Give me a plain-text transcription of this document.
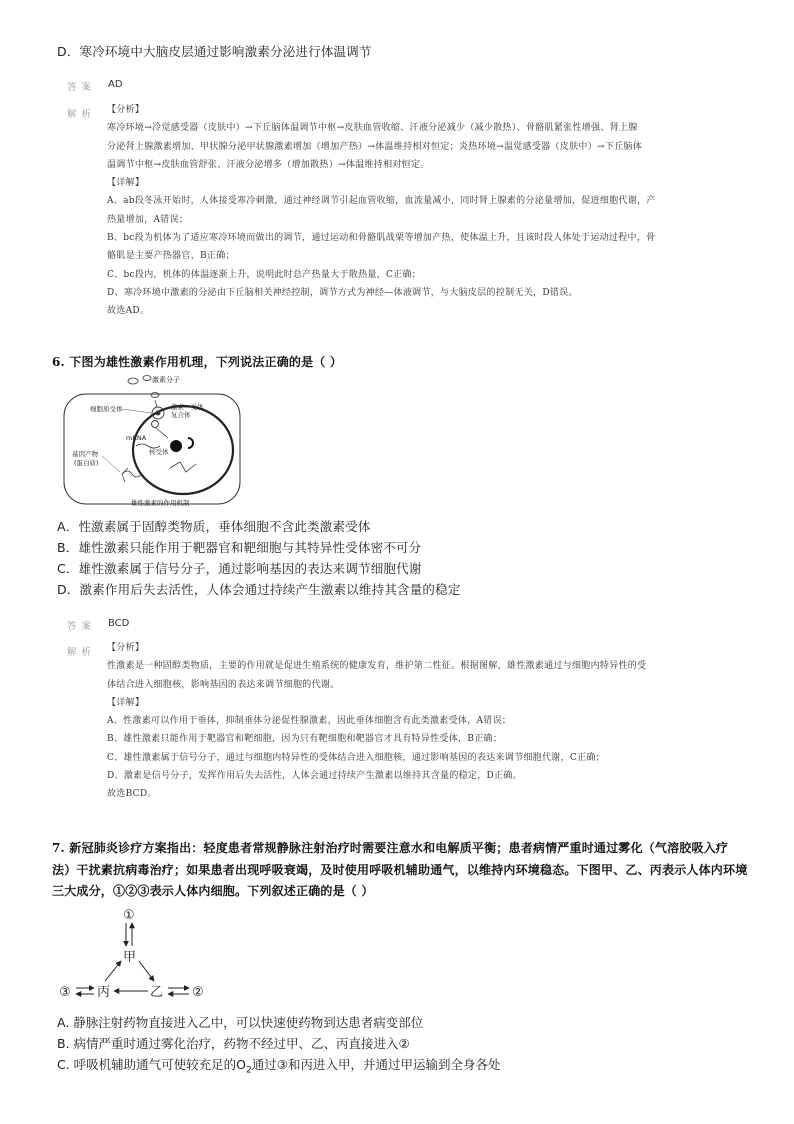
D．寒冷环境中大脑皮层通过影响激素分泌进行体温调节
答案 AD
解析 【分析】
寒冷环境→冷觉感受器（皮肤中）→下丘脑体温调节中枢→皮肤血管收缩、汗液分泌减少（减少散热）、骨骼肌紧张性增强、肾上腺
分泌肾上腺激素增加、甲状腺分泌甲状腺激素增加（增加产热）→体温维持相对恒定；炎热环境→温觉感受器（皮肤中）→下丘脑体
温调节中枢→皮肤血管舒张、汗液分泌增多（增加散热）→体温维持相对恒定。
【详解】
A、ab段冬泳开始时，人体接受寒冷刺激，通过神经调节引起血管收缩，血流量减小，同时肾上腺素的分泌量增加，促进细胞代谢，产
热量增加，A错误；
B、bc段为机体为了适应寒冷环境而做出的调节，通过运动和骨骼肌战栗等增加产热，使体温上升，且该时段人体处于运动过程中，骨
骼肌是主要产热器官，B正确；
C、bc段内，机体的体温逐渐上升，说明此时总产热量大于散热量，C正确；
D、寒冷环境中激素的分泌由下丘脑相关神经控制，调节方式为神经—体液调节，与大脑皮层的控制无关，D错误。
故选AD。
6. 下图为雄性激素作用机理，下列说法正确的是（ ）
激素分子
细胞质受体	激素—受体
复合体
核受体
mRNA
基因产物
(蛋白质)
雄性激素的作用机制
A．性激素属于固醇类物质，垂体细胞不含此类激素受体
B．雄性激素只能作用于靶器官和靶细胞与其特异性受体密不可分
C．雄性激素属于信号分子，通过影响基因的表达来调节细胞代谢
D．激素作用后失去活性，人体会通过持续产生激素以维持其含量的稳定
答案 BCD
解析 【分析】
性激素是一种固醇类物质，主要的作用就是促进生殖系统的健康发育，维护第二性征。根据图解，雄性激素通过与细胞内特异性的受
体结合进入细胞核，影响基因的表达来调节细胞的代谢。
【详解】
A、性激素可以作用于垂体，抑制垂体分泌促性腺激素，因此垂体细胞含有此类激素受体，A错误；
B、雄性激素只能作用于靶器官和靶细胞，因为只有靶细胞和靶器官才具有特异性受体，B正确；
C、雄性激素属于信号分子，通过与细胞内特异性的受体结合进入细胞核，通过影响基因的表达来调节细胞代谢，C正确；
D、激素是信号分子，发挥作用后失去活性，人体会通过持续产生激素以维持其含量的稳定，D正确。
故选BCD。
7. 新冠肺炎诊疗方案指出：轻度患者常规静脉注射治疗时需要注意水和电解质平衡；患者病情严重时通过雾化（气溶胶吸入疗
法）干扰素抗病毒治疗；如果患者出现呼吸衰竭，及时使用呼吸机辅助通气，以维持内环境稳态。下图甲、乙、丙表示人体内环境
三大成分，①②③表示人体内细胞。下列叙述正确的是（ ）
①
甲
③ 丙	乙 ②
A. 静脉注射药物直接进入乙中，可以快速使药物到达患者病变部位
B. 病情严重时通过雾化治疗，药物不经过甲、乙、丙直接进入②
C. 呼吸机辅助通气可使较充足的$O_2$通过③和丙进入甲，并通过甲运输到全身各处
